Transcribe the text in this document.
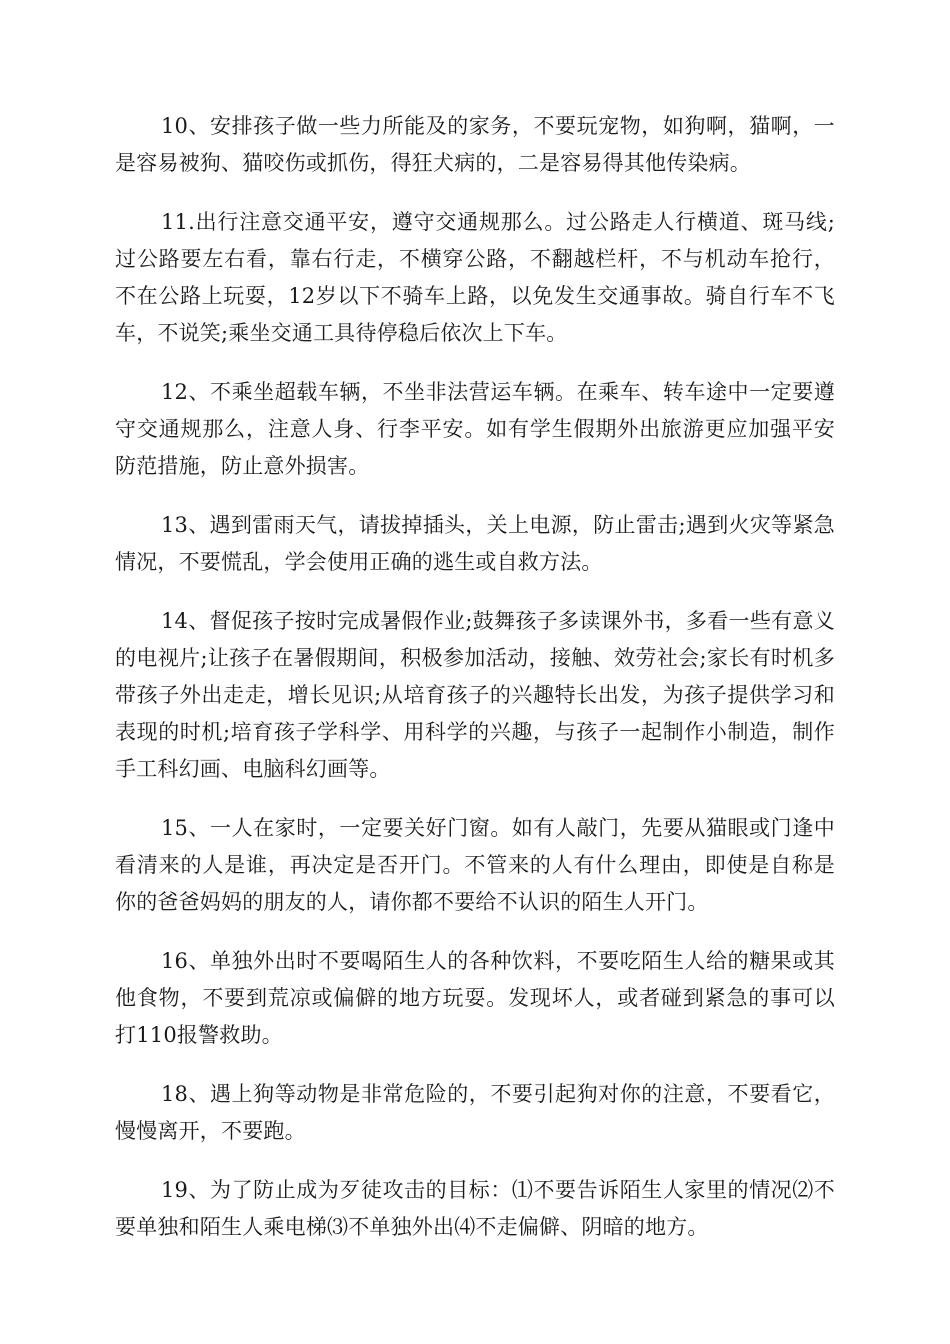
10、安排孩子做一些力所能及的家务，不要玩宠物，如狗啊，猫啊，一是容易被狗、猫咬伤或抓伤，得狂犬病的，二是容易得其他传染病。

11.出行注意交通平安，遵守交通规那么。过公路走人行横道、斑马线;过公路要左右看，靠右行走，不横穿公路，不翻越栏杆，不与机动车抢行，不在公路上玩耍，12岁以下不骑车上路，以免发生交通事故。骑自行车不飞车，不说笑;乘坐交通工具待停稳后依次上下车。

12、不乘坐超载车辆，不坐非法营运车辆。在乘车、转车途中一定要遵守交通规那么，注意人身、行李平安。如有学生假期外出旅游更应加强平安防范措施，防止意外损害。

13、遇到雷雨天气，请拔掉插头，关上电源，防止雷击;遇到火灾等紧急情况，不要慌乱，学会使用正确的逃生或自救方法。

14、督促孩子按时完成暑假作业;鼓舞孩子多读课外书，多看一些有意义的电视片;让孩子在暑假期间，积极参加活动，接触、效劳社会;家长有时机多带孩子外出走走，增长见识;从培育孩子的兴趣特长出发，为孩子提供学习和表现的时机;培育孩子学科学、用科学的兴趣，与孩子一起制作小制造，制作手工科幻画、电脑科幻画等。

15、一人在家时，一定要关好门窗。如有人敲门，先要从猫眼或门逢中看清来的人是谁，再决定是否开门。不管来的人有什么理由，即使是自称是你的爸爸妈妈的朋友的人，请你都不要给不认识的陌生人开门。

16、单独外出时不要喝陌生人的各种饮料，不要吃陌生人给的糖果或其他食物，不要到荒凉或偏僻的地方玩耍。发现坏人，或者碰到紧急的事可以打110报警救助。

18、遇上狗等动物是非常危险的，不要引起狗对你的注意，不要看它，慢慢离开，不要跑。

19、为了防止成为歹徒攻击的目标：⑴不要告诉陌生人家里的情况⑵不要单独和陌生人乘电梯⑶不单独外出⑷不走偏僻、阴暗的地方。
